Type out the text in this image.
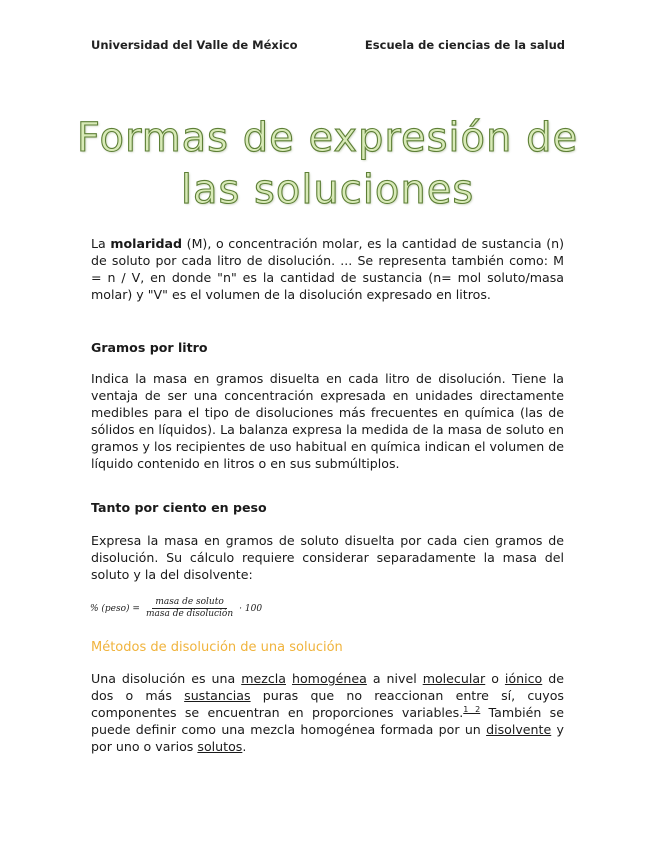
Universidad del Valle de México	Escuela de ciencias de la salud
Formas de expresión de
las soluciones
La molaridad (M), o concentración molar, es la cantidad de sustancia (n) de soluto por cada litro de disolución. ... Se representa también como: M = n / V, en donde "n" es la cantidad de sustancia (n= mol soluto/masa molar) y "V" es el volumen de la disolución expresado en litros.
Gramos por litro
Indica la masa en gramos disuelta en cada litro de disolución. Tiene la ventaja de ser una concentración expresada en unidades directamente medibles para el tipo de disoluciones más frecuentes en química (las de sólidos en líquidos). La balanza expresa la medida de la masa de soluto en gramos y los recipientes de uso habitual en química indican el volumen de líquido contenido en litros o en sus submúltiplos.
Tanto por ciento en peso
Expresa la masa en gramos de soluto disuelta por cada cien gramos de disolución. Su cálculo requiere considerar separadamente la masa del soluto y la del disolvente:
% (peso) = $\frac{\text{masa de soluto}}{\text{masa de disolución}} \cdot 100$
Métodos de disolución de una solución
Una disolución es una mezcla homogénea a nivel molecular o iónico de dos o más sustancias puras que no reaccionan entre sí, cuyos componentes se encuentran en proporciones variables.$^{1 2}$ También se puede definir como una mezcla homogénea formada por un disolvente y por uno o varios solutos.
